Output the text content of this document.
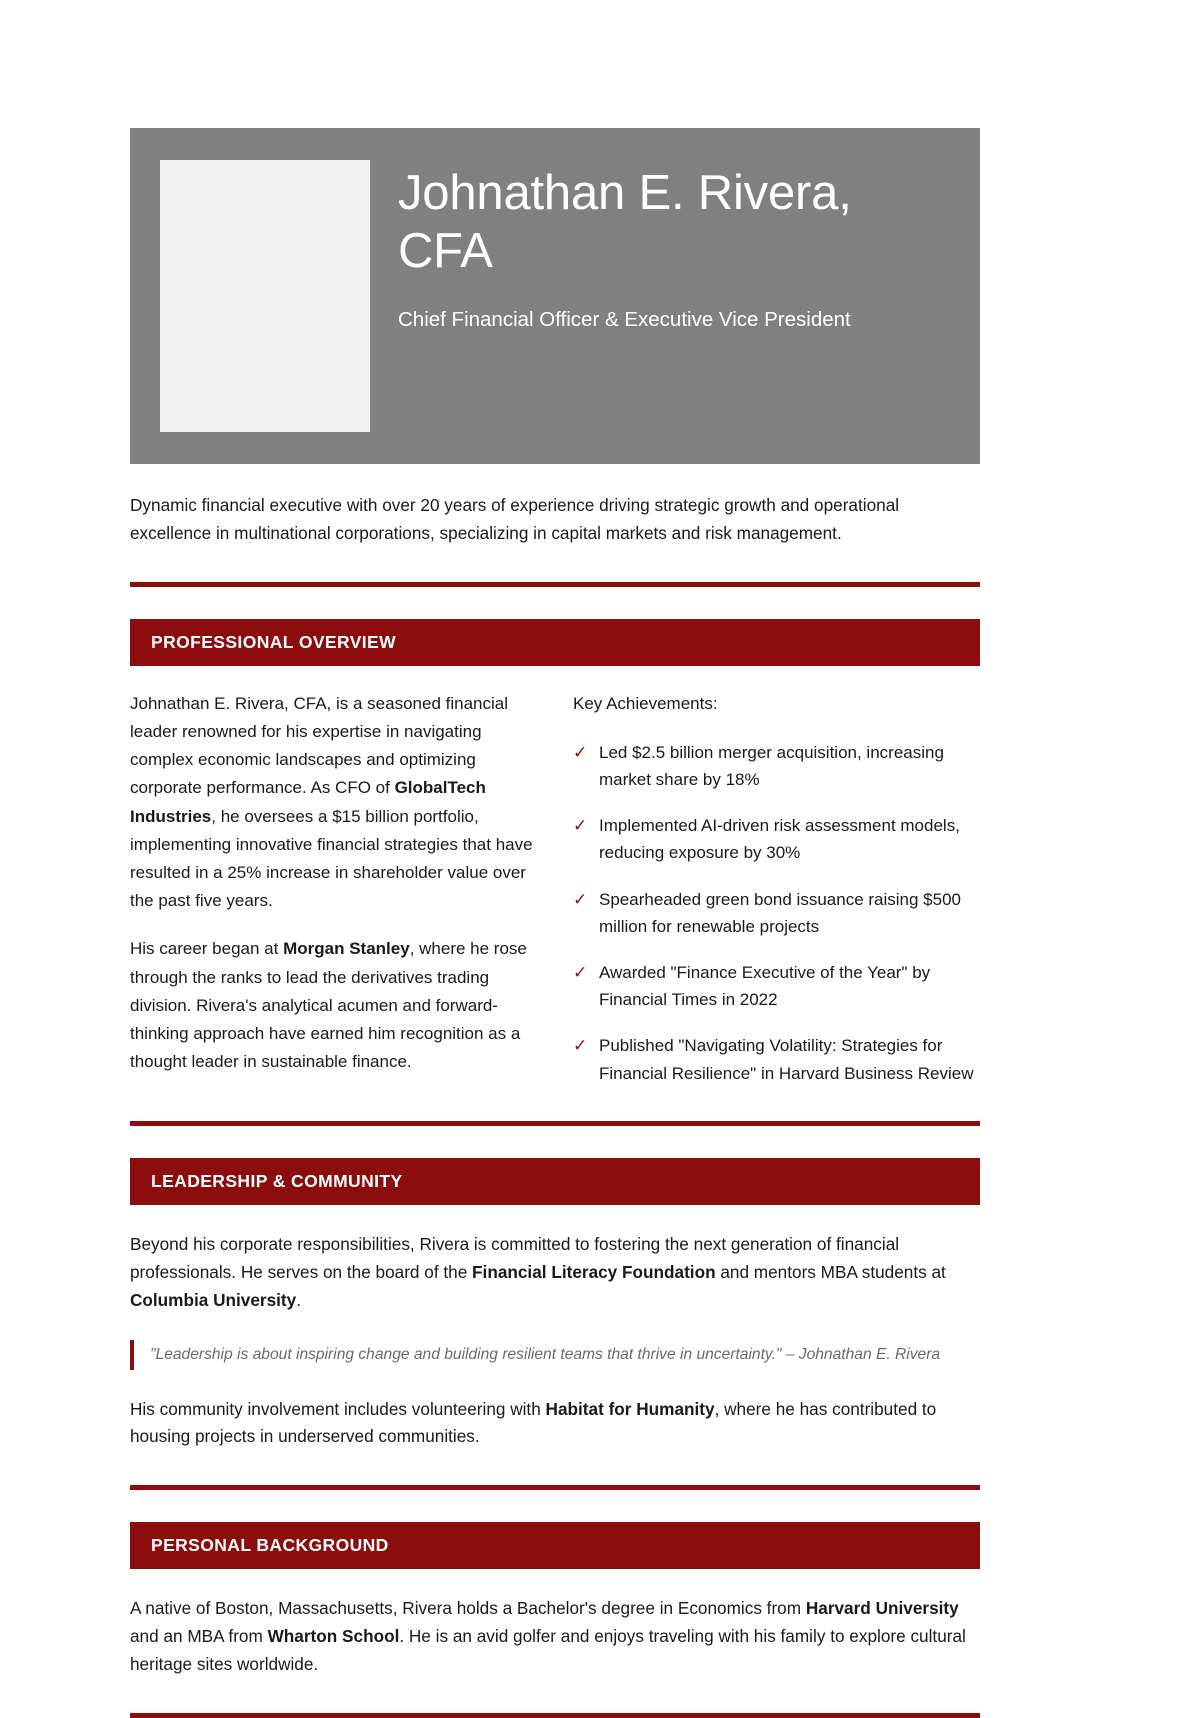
Johnathan E. Rivera, CFA
Chief Financial Officer & Executive Vice President

Dynamic financial executive with over 20 years of experience driving strategic growth and operational excellence in multinational corporations, specializing in capital markets and risk management.

PROFESSIONAL OVERVIEW

Johnathan E. Rivera, CFA, is a seasoned financial leader renowned for his expertise in navigating complex economic landscapes and optimizing corporate performance. As CFO of GlobalTech Industries, he oversees a $15 billion portfolio, implementing innovative financial strategies that have resulted in a 25% increase in shareholder value over the past five years.

His career began at Morgan Stanley, where he rose through the ranks to lead the derivatives trading division. Rivera's analytical acumen and forward-thinking approach have earned him recognition as a thought leader in sustainable finance.

Key Achievements:
✓ Led $2.5 billion merger acquisition, increasing market share by 18%
✓ Implemented AI-driven risk assessment models, reducing exposure by 30%
✓ Spearheaded green bond issuance raising $500 million for renewable projects
✓ Awarded "Finance Executive of the Year" by Financial Times in 2022
✓ Published "Navigating Volatility: Strategies for Financial Resilience" in Harvard Business Review
LEADERSHIP & COMMUNITY

Beyond his corporate responsibilities, Rivera is committed to fostering the next generation of financial professionals. He serves on the board of the Financial Literacy Foundation and mentors MBA students at Columbia University.

"Leadership is about inspiring change and building resilient teams that thrive in uncertainty." – Johnathan E. Rivera

His community involvement includes volunteering with Habitat for Humanity, where he has contributed to housing projects in underserved communities.

PERSONAL BACKGROUND

A native of Boston, Massachusetts, Rivera holds a Bachelor's degree in Economics from Harvard University and an MBA from Wharton School. He is an avid golfer and enjoys traveling with his family to explore cultural heritage sites worldwide.
